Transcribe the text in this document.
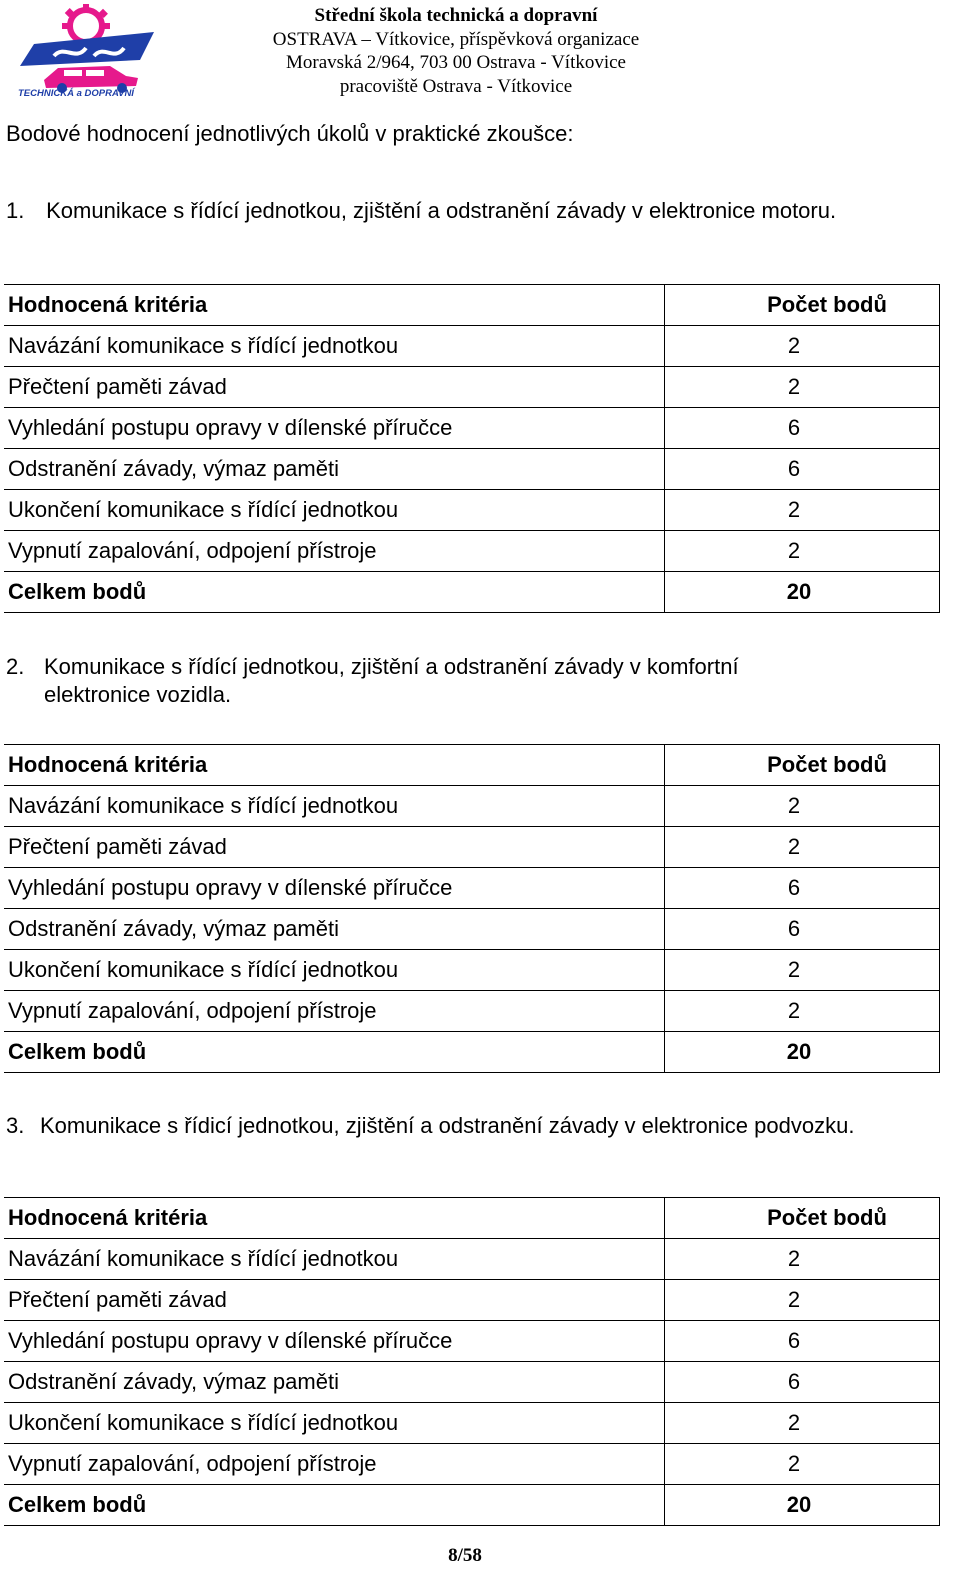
TECHNICKÁ a DOPRAVNÍ
Střední škola technická a dopravní
OSTRAVA – Vítkovice, příspěvková organizace
Moravská 2/964, 703 00 Ostrava - Vítkovice
pracoviště Ostrava - Vítkovice
Bodové hodnocení jednotlivých úkolů v praktické zkoušce:
1. Komunikace s řídící jednotkou, zjištění a odstranění závady v elektronice motoru.
Hodnocená kritéria	Počet bodů
Navázání komunikace s řídící jednotkou	2
Přečtení paměti závad	2
Vyhledání postupu opravy v dílenské příručce	6
Odstranění závady, výmaz paměti	6
Ukončení komunikace s řídící jednotkou	2
Vypnutí zapalování, odpojení přístroje	2
Celkem bodů	20
2. Komunikace s řídící jednotkou, zjištění a odstranění závady v komfortní elektronice vozidla.
Hodnocená kritéria	Počet bodů
Navázání komunikace s řídící jednotkou	2
Přečtení paměti závad	2
Vyhledání postupu opravy v dílenské příručce	6
Odstranění závady, výmaz paměti	6
Ukončení komunikace s řídící jednotkou	2
Vypnutí zapalování, odpojení přístroje	2
Celkem bodů	20
3. Komunikace s řídicí jednotkou, zjištění a odstranění závady v elektronice podvozku.
Hodnocená kritéria	Počet bodů
Navázání komunikace s řídící jednotkou	2
Přečtení paměti závad	2
Vyhledání postupu opravy v dílenské příručce	6
Odstranění závady, výmaz paměti	6
Ukončení komunikace s řídící jednotkou	2
Vypnutí zapalování, odpojení přístroje	2
Celkem bodů	20
8/58
